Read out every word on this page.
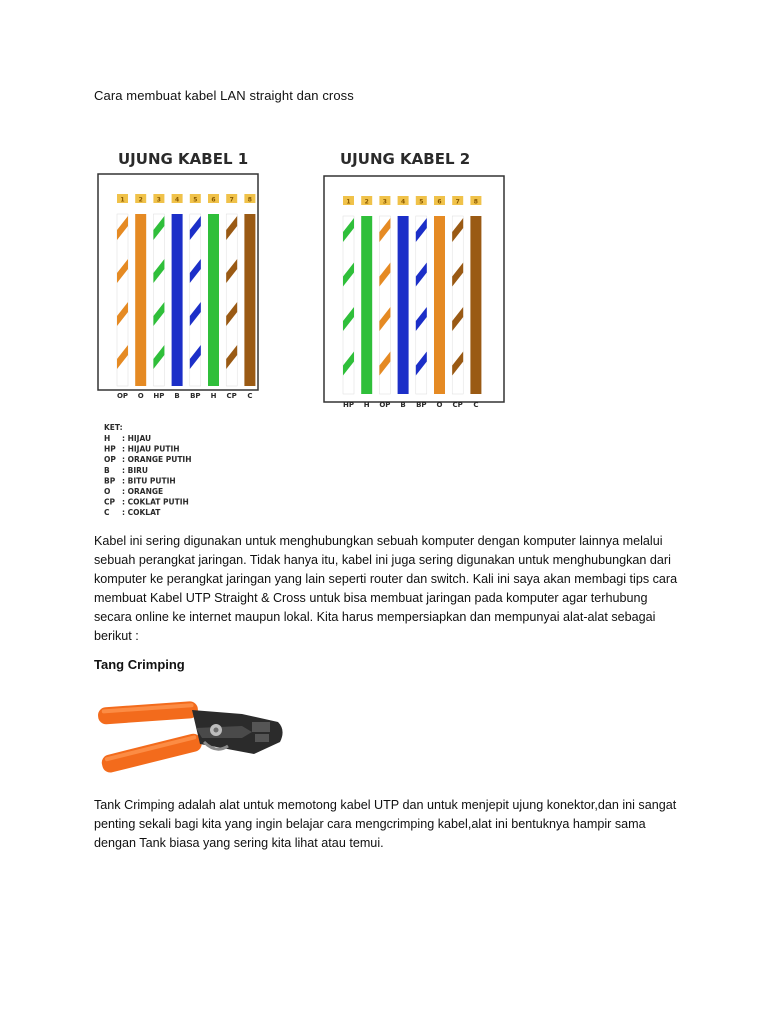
Cara membuat kabel LAN straight dan cross
UJUNG KABEL 1
1
OP
2
O
3
HP
4
B
5
BP
6
H
7
CP
8
C
UJUNG KABEL 2
1
HP
2
H
3
OP
4
B
5
BP
6
O
7
CP
8
C
KET:
H : HIJAU
HP : HIJAU PUTIH
OP : ORANGE PUTIH
B : BIRU
BP : BITU PUTIH
O : ORANGE
CP : COKLAT PUTIH
C : COKLAT

Kabel ini sering digunakan untuk menghubungkan sebuah komputer dengan komputer lainnya melalui sebuah perangkat jaringan. Tidak hanya itu, kabel ini juga sering digunakan untuk menghubungkan dari komputer ke perangkat jaringan yang lain seperti router dan switch. Kali ini saya akan membagi tips cara membuat Kabel UTP Straight & Cross untuk bisa membuat jaringan pada komputer agar terhubung secara online ke internet maupun lokal. Kita harus mempersiapkan dan mempunyai alat-alat sebagai berikut :

Tang Crimping

Tank Crimping adalah alat untuk memotong kabel UTP dan untuk menjepit ujung konektor,dan ini sangat penting sekali bagi kita yang ingin belajar cara mengcrimping kabel,alat ini bentuknya hampir sama dengan Tank biasa yang sering kita lihat atau temui.
